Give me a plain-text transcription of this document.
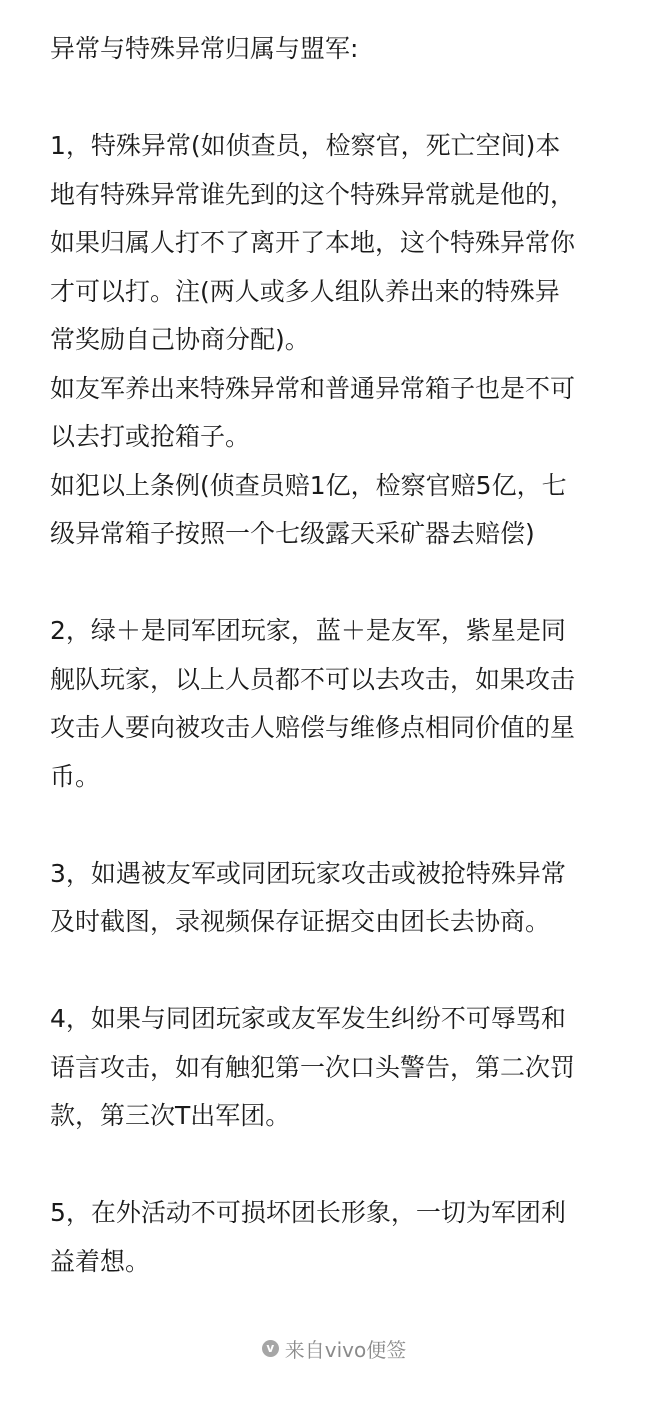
异常与特殊异常归属与盟军:
1，特殊异常(如侦查员，检察官，死亡空间)本
地有特殊异常谁先到的这个特殊异常就是他的，
如果归属人打不了离开了本地，这个特殊异常你
才可以打。注(两人或多人组队养出来的特殊异
常奖励自己协商分配)。
如友军养出来特殊异常和普通异常箱子也是不可
以去打或抢箱子。
如犯以上条例(侦查员赔1亿，检察官赔5亿，七
级异常箱子按照一个七级露天采矿器去赔偿)
2，绿＋是同军团玩家，蓝＋是友军，紫星是同
舰队玩家，以上人员都不可以去攻击，如果攻击
攻击人要向被攻击人赔偿与维修点相同价值的星
币。
3，如遇被友军或同团玩家攻击或被抢特殊异常
及时截图，录视频保存证据交由团长去协商。
4，如果与同团玩家或友军发生纠纷不可辱骂和
语言攻击，如有触犯第一次口头警告，第二次罚
款，第三次T出军团。
5，在外活动不可损坏团长形象，一切为军团利
益着想。
v 来自vivo便签
